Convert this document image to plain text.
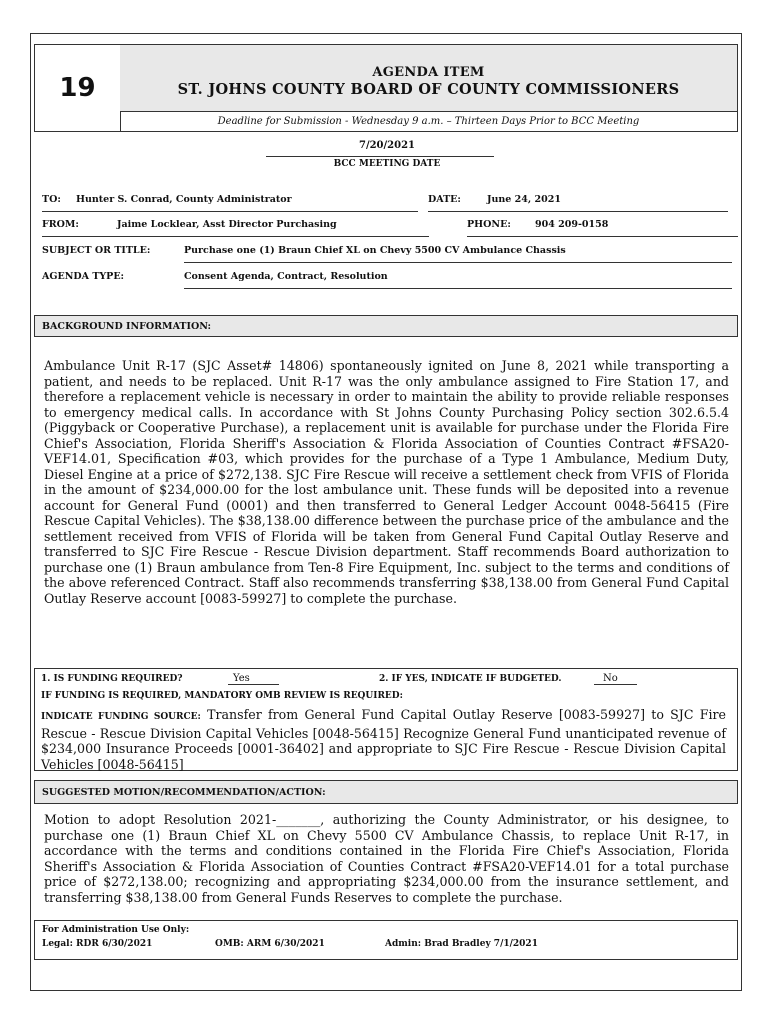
19
AGENDA ITEM
ST. JOHNS COUNTY BOARD OF COUNTY COMMISSIONERS
Deadline for Submission - Wednesday 9 a.m. – Thirteen Days Prior to BCC Meeting
7/20/2021
BCC MEETING DATE
TO: Hunter S. Conrad, County Administrator	DATE:	June 24, 2021
FROM:	Jaime Locklear, Asst Director Purchasing	PHONE:	904 209-0158
SUBJECT OR TITLE:	Purchase one (1) Braun Chief XL on Chevy 5500 CV Ambulance Chassis
AGENDA TYPE:	Consent Agenda, Contract, Resolution
BACKGROUND INFORMATION:
Ambulance Unit R-17 (SJC Asset# 14806) spontaneously ignited on June 8, 2021 while transporting a patient, and needs to be replaced. Unit R-17 was the only ambulance assigned to Fire Station 17, and therefore a replacement vehicle is necessary in order to maintain the ability to provide reliable responses to emergency medical calls. In accordance with St Johns County Purchasing Policy section 302.6.5.4 (Piggyback or Cooperative Purchase), a replacement unit is available for purchase under the Florida Fire Chief's Association, Florida Sheriff's Association & Florida Association of Counties Contract #FSA20-VEF14.01, Specification #03, which provides for the purchase of a Type 1 Ambulance, Medium Duty, Diesel Engine at a price of $272,138. SJC Fire Rescue will receive a settlement check from VFIS of Florida in the amount of $234,000.00 for the lost ambulance unit. These funds will be deposited into a revenue account for General Fund (0001) and then transferred to General Ledger Account 0048-56415 (Fire Rescue Capital Vehicles). The $38,138.00 difference between the purchase price of the ambulance and the settlement received from VFIS of Florida will be taken from General Fund Capital Outlay Reserve and transferred to SJC Fire Rescue - Rescue Division department. Staff recommends Board authorization to purchase one (1) Braun ambulance from Ten-8 Fire Equipment, Inc. subject to the terms and conditions of the above referenced Contract. Staff also recommends transferring $38,138.00 from General Fund Capital Outlay Reserve account [0083-59927] to complete the purchase.
1. IS FUNDING REQUIRED?	Yes	2. IF YES, INDICATE IF BUDGETED.	No
IF FUNDING IS REQUIRED, MANDATORY OMB REVIEW IS REQUIRED:
INDICATE FUNDING SOURCE: Transfer from General Fund Capital Outlay Reserve [0083-59927] to SJC Fire Rescue - Rescue Division Capital Vehicles [0048-56415] Recognize General Fund unanticipated revenue of $234,000 Insurance Proceeds [0001-36402] and appropriate to SJC Fire Rescue - Rescue Division Capital Vehicles [0048-56415]
SUGGESTED MOTION/RECOMMENDATION/ACTION:
Motion to adopt Resolution 2021-_______, authorizing the County Administrator, or his designee, to purchase one (1) Braun Chief XL on Chevy 5500 CV Ambulance Chassis, to replace Unit R-17, in accordance with the terms and conditions contained in the Florida Fire Chief's Association, Florida Sheriff's Association & Florida Association of Counties Contract #FSA20-VEF14.01 for a total purchase price of $272,138.00; recognizing and appropriating $234,000.00 from the insurance settlement, and transferring $38,138.00 from General Funds Reserves to complete the purchase.
For Administration Use Only:
Legal: RDR 6/30/2021	OMB: ARM 6/30/2021	Admin: Brad Bradley 7/1/2021
